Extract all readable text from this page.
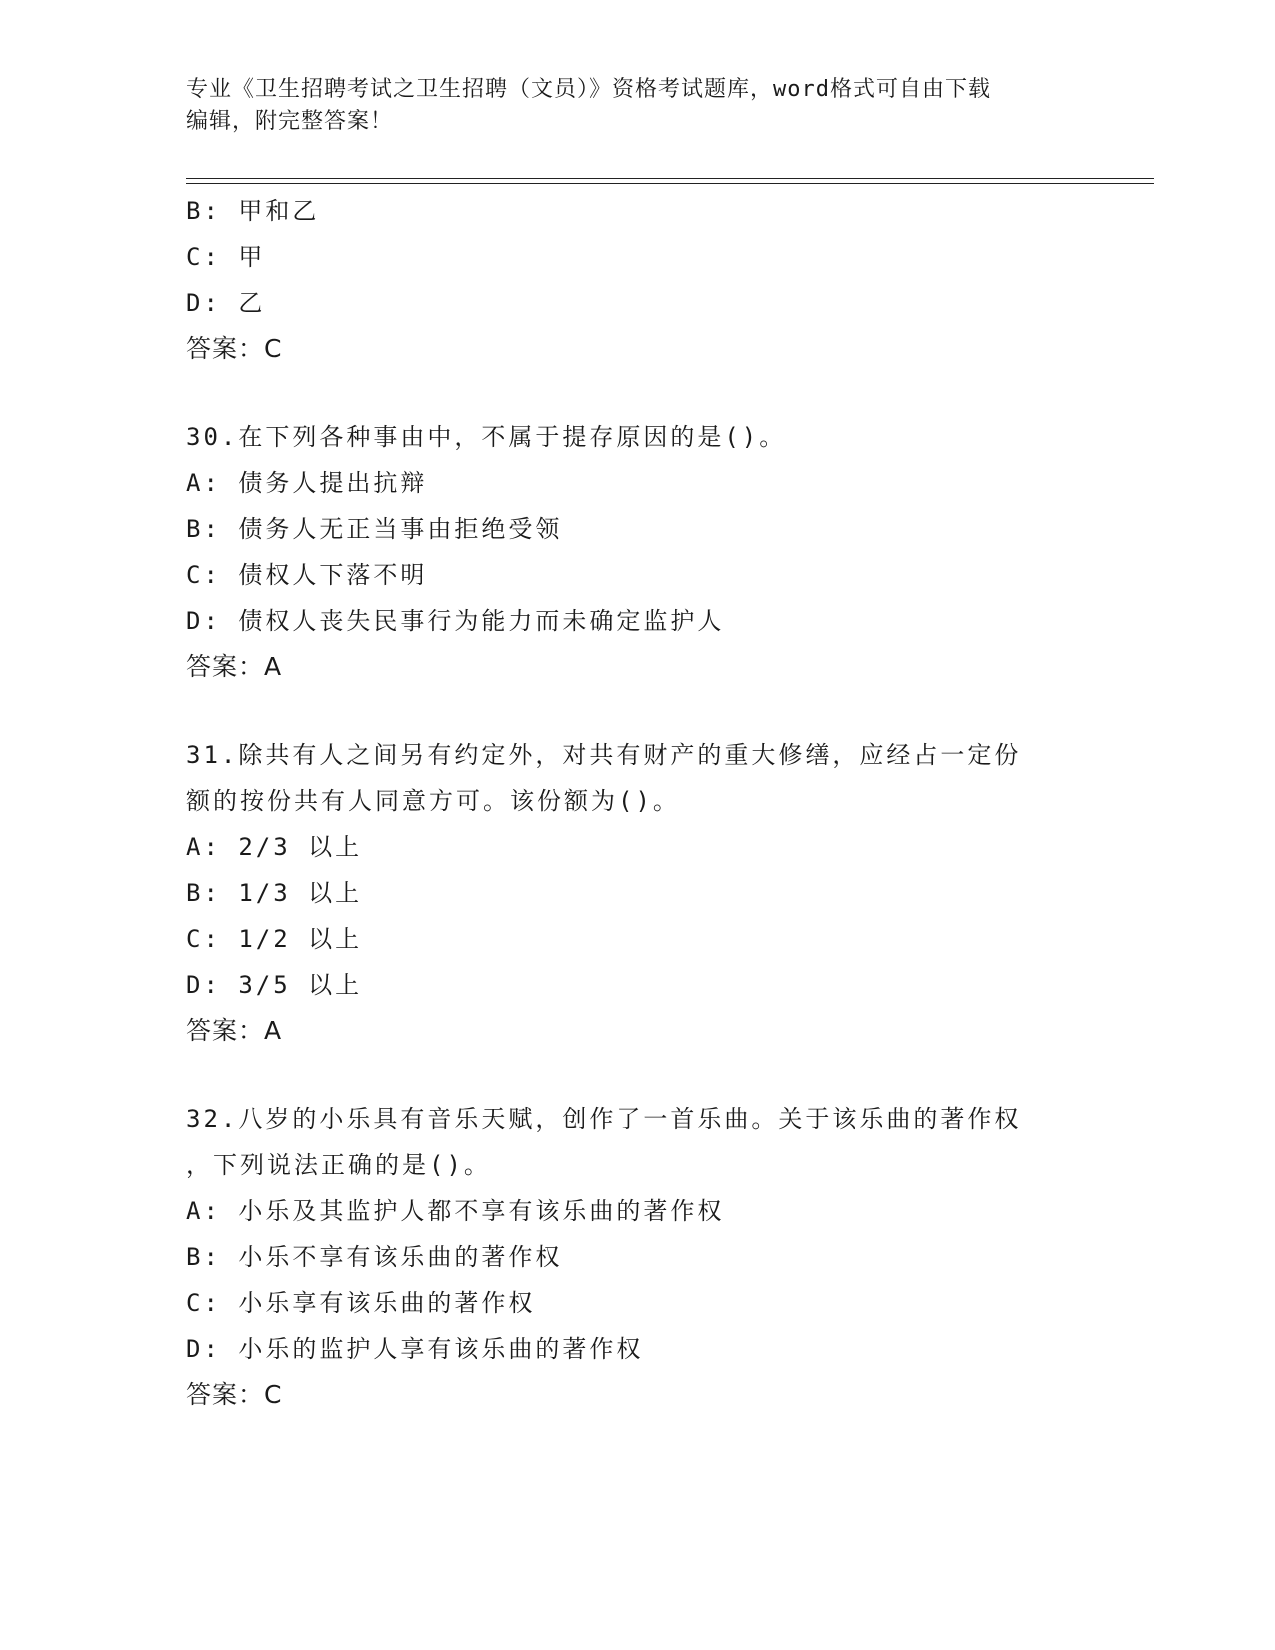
专业《卫生招聘考试之卫生招聘（文员）》资格考试题库，word格式可自由下载
编辑，附完整答案！
B: 甲和乙
C: 甲
D: 乙
答案：C
30.在下列各种事由中，不属于提存原因的是()。
A: 债务人提出抗辩
B: 债务人无正当事由拒绝受领
C: 债权人下落不明
D: 债权人丧失民事行为能力而未确定监护人
答案：A
31.除共有人之间另有约定外，对共有财产的重大修缮，应经占一定份
额的按份共有人同意方可。该份额为()。
A: 2/3 以上
B: 1/3 以上
C: 1/2 以上
D: 3/5 以上
答案：A
32.八岁的小乐具有音乐天赋，创作了一首乐曲。关于该乐曲的著作权
，下列说法正确的是()。
A: 小乐及其监护人都不享有该乐曲的著作权
B: 小乐不享有该乐曲的著作权
C: 小乐享有该乐曲的著作权
D: 小乐的监护人享有该乐曲的著作权
答案：C
